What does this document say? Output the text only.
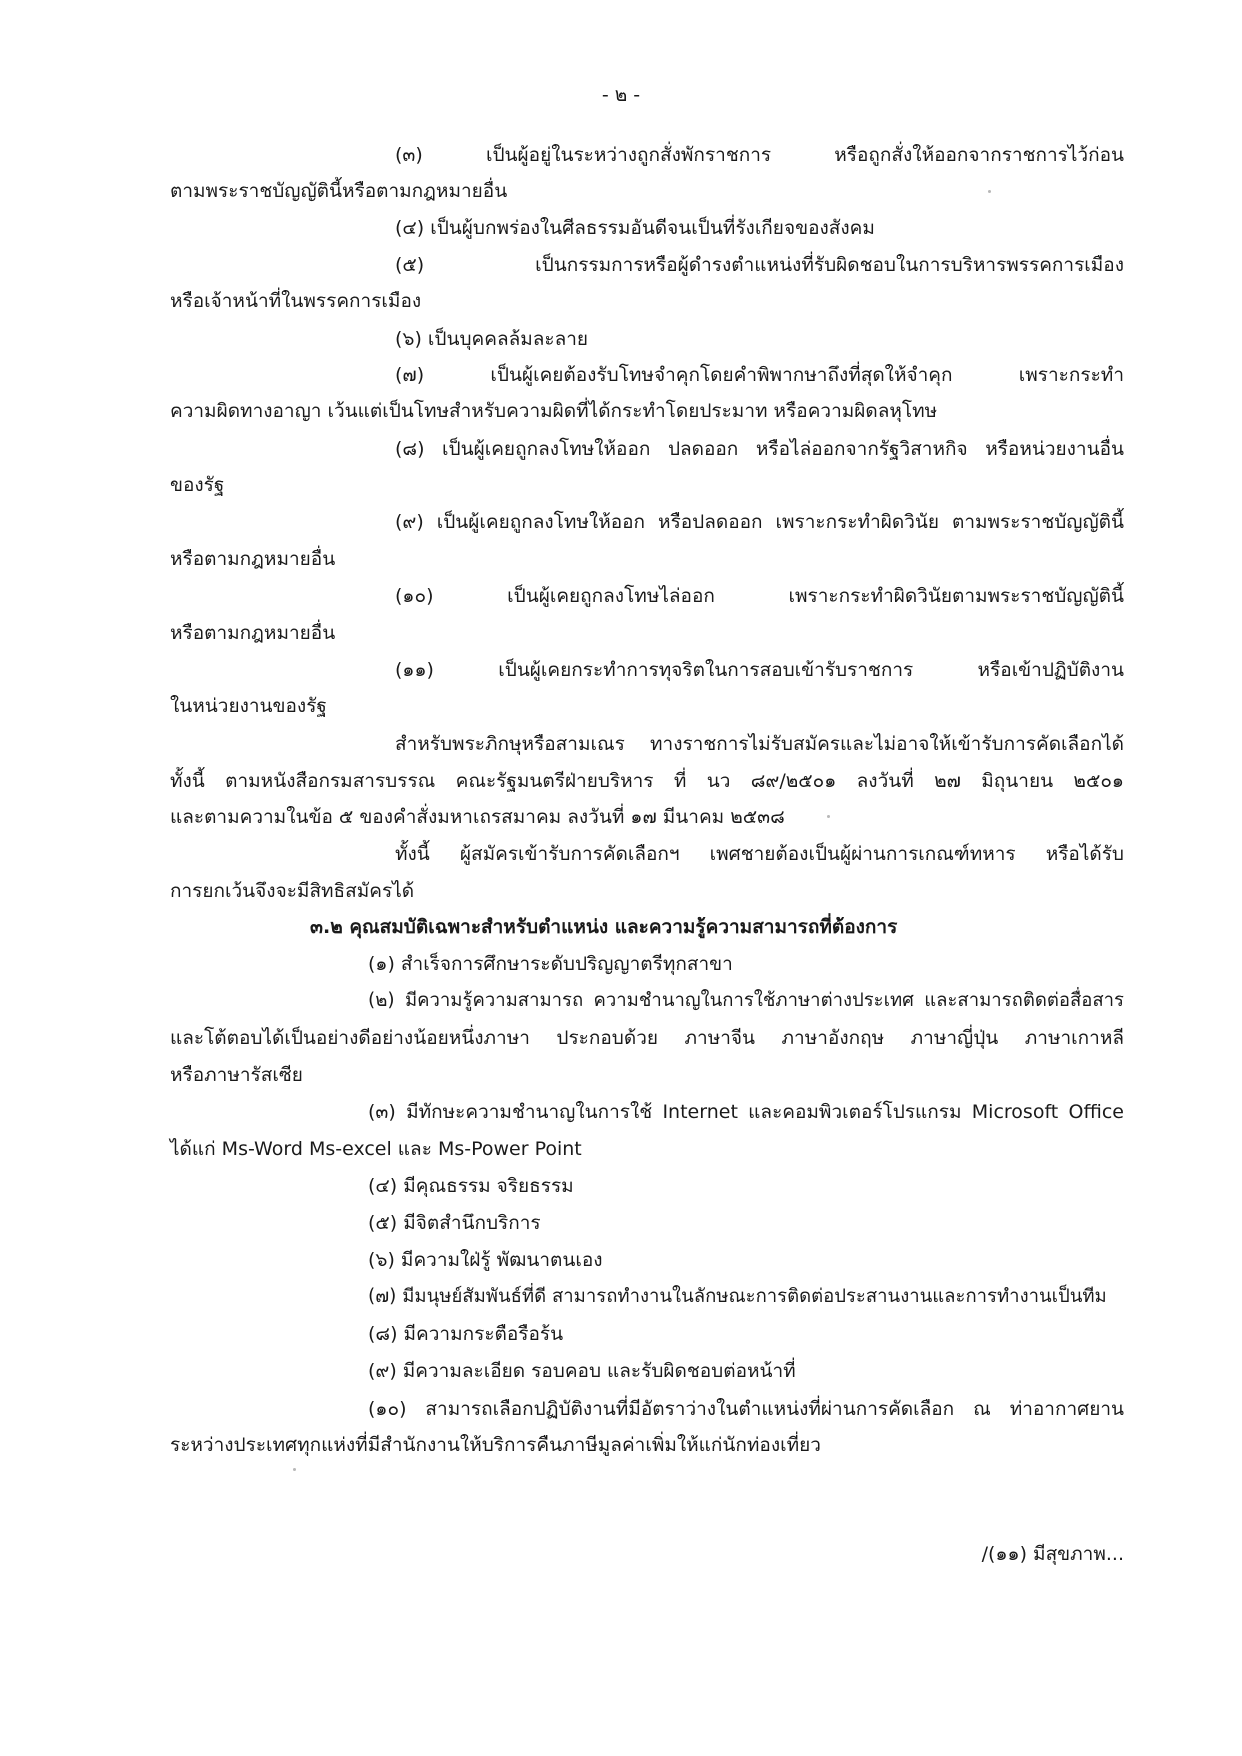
- ๒ -
(๓) เป็นผู้อยู่ในระหว่างถูกสั่งพักราชการ หรือถูกสั่งให้ออกจากราชการไว้ก่อน
ตามพระราชบัญญัตินี้หรือตามกฎหมายอื่น
(๔) เป็นผู้บกพร่องในศีลธรรมอันดีจนเป็นที่รังเกียจของสังคม
(๕) เป็นกรรมการหรือผู้ดำรงตำแหน่งที่รับผิดชอบในการบริหารพรรคการเมือง
หรือเจ้าหน้าที่ในพรรคการเมือง
(๖) เป็นบุคคลล้มละลาย
(๗) เป็นผู้เคยต้องรับโทษจำคุกโดยคำพิพากษาถึงที่สุดให้จำคุก เพราะกระทำ
ความผิดทางอาญา เว้นแต่เป็นโทษสำหรับความผิดที่ได้กระทำโดยประมาท หรือความผิดลหุโทษ
(๘) เป็นผู้เคยถูกลงโทษให้ออก ปลดออก หรือไล่ออกจากรัฐวิสาหกิจ หรือหน่วยงานอื่น
ของรัฐ
(๙) เป็นผู้เคยถูกลงโทษให้ออก หรือปลดออก เพราะกระทำผิดวินัย ตามพระราชบัญญัตินี้
หรือตามกฎหมายอื่น
(๑๐) เป็นผู้เคยถูกลงโทษไล่ออก เพราะกระทำผิดวินัยตามพระราชบัญญัตินี้
หรือตามกฎหมายอื่น
(๑๑) เป็นผู้เคยกระทำการทุจริตในการสอบเข้ารับราชการ หรือเข้าปฏิบัติงาน
ในหน่วยงานของรัฐ
สำหรับพระภิกษุหรือสามเณร ทางราชการไม่รับสมัครและไม่อาจให้เข้ารับการคัดเลือกได้
ทั้งนี้ ตามหนังสือกรมสารบรรณ คณะรัฐมนตรีฝ่ายบริหาร ที่ นว ๘๙/๒๕๐๑ ลงวันที่ ๒๗ มิถุนายน ๒๕๐๑
และตามความในข้อ ๕ ของคำสั่งมหาเถรสมาคม ลงวันที่ ๑๗ มีนาคม ๒๕๓๘
ทั้งนี้ ผู้สมัครเข้ารับการคัดเลือกฯ เพศชายต้องเป็นผู้ผ่านการเกณฑ์ทหาร หรือได้รับ
การยกเว้นจึงจะมีสิทธิสมัครได้
๓.๒ คุณสมบัติเฉพาะสำหรับตำแหน่ง และความรู้ความสามารถที่ต้องการ
(๑) สำเร็จการศึกษาระดับปริญญาตรีทุกสาขา
(๒) มีความรู้ความสามารถ ความชำนาญในการใช้ภาษาต่างประเทศ และสามารถติดต่อสื่อสาร
และโต้ตอบได้เป็นอย่างดีอย่างน้อยหนึ่งภาษา ประกอบด้วย ภาษาจีน ภาษาอังกฤษ ภาษาญี่ปุ่น ภาษาเกาหลี
หรือภาษารัสเซีย
(๓) มีทักษะความชำนาญในการใช้ Internet และคอมพิวเตอร์โปรแกรม Microsoft Office
ได้แก่ Ms-Word Ms-excel และ Ms-Power Point
(๔) มีคุณธรรม จริยธรรม
(๕) มีจิตสำนึกบริการ
(๖) มีความใฝ่รู้ พัฒนาตนเอง
(๗) มีมนุษย์สัมพันธ์ที่ดี สามารถทำงานในลักษณะการติดต่อประสานงานและการทำงานเป็นทีม
(๘) มีความกระตือรือร้น
(๙) มีความละเอียด รอบคอบ และรับผิดชอบต่อหน้าที่
(๑๐) สามารถเลือกปฏิบัติงานที่มีอัตราว่างในตำแหน่งที่ผ่านการคัดเลือก ณ ท่าอากาศยาน
ระหว่างประเทศทุกแห่งที่มีสำนักงานให้บริการคืนภาษีมูลค่าเพิ่มให้แก่นักท่องเที่ยว
/(๑๑) มีสุขภาพ...
